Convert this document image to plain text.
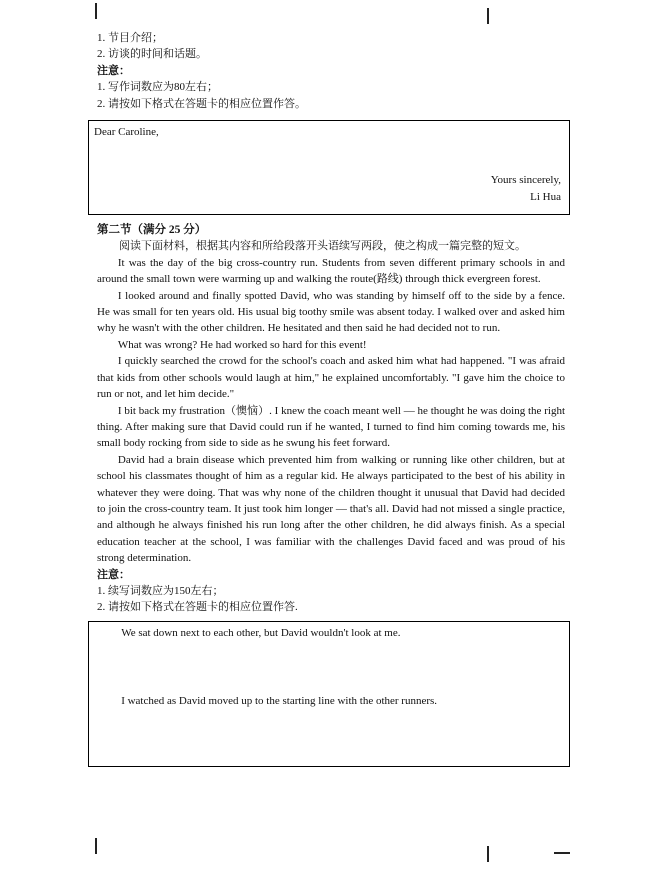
1. 节目介绍；
2. 访谈的时间和话题。
注意：
1. 写作词数应为80左右；
2. 请按如下格式在答题卡的相应位置作答。
Dear Caroline,
Yours sincerely,
Li Hua
第二节（满分 25 分）
阅读下面材料，根据其内容和所给段落开头语续写两段，使之构成一篇完整的短文。

It was the day of the big cross-country run. Students from seven different primary schools in and around the small town were warming up and walking the route(路线) through thick evergreen forest.

I looked around and finally spotted David, who was standing by himself off to the side by a fence. He was small for ten years old. His usual big toothy smile was absent today. I walked over and asked him why he wasn't with the other children. He hesitated and then said he had decided not to run.

What was wrong? He had worked so hard for this event!

I quickly searched the crowd for the school's coach and asked him what had happened. "I was afraid that kids from other schools would laugh at him," he explained uncomfortably. "I gave him the choice to run or not, and let him decide."

I bit back my frustration（懊恼）. I knew the coach meant well — he thought he was doing the right thing. After making sure that David could run if he wanted, I turned to find him coming towards me, his small body rocking from side to side as he swung his feet forward.

David had a brain disease which prevented him from walking or running like other children, but at school his classmates thought of him as a regular kid. He always participated to the best of his ability in whatever they were doing. That was why none of the children thought it unusual that David had decided to join the cross-country team. It just took him longer — that's all. David had not missed a single practice, and although he always finished his run long after the other children, he did always finish. As a special education teacher at the school, I was familiar with the challenges David faced and was proud of his strong determination.

注意：
1. 续写词数应为150左右；
2. 请按如下格式在答题卡的相应位置作答.
We sat down next to each other, but David wouldn't look at me.
I watched as David moved up to the starting line with the other runners.
